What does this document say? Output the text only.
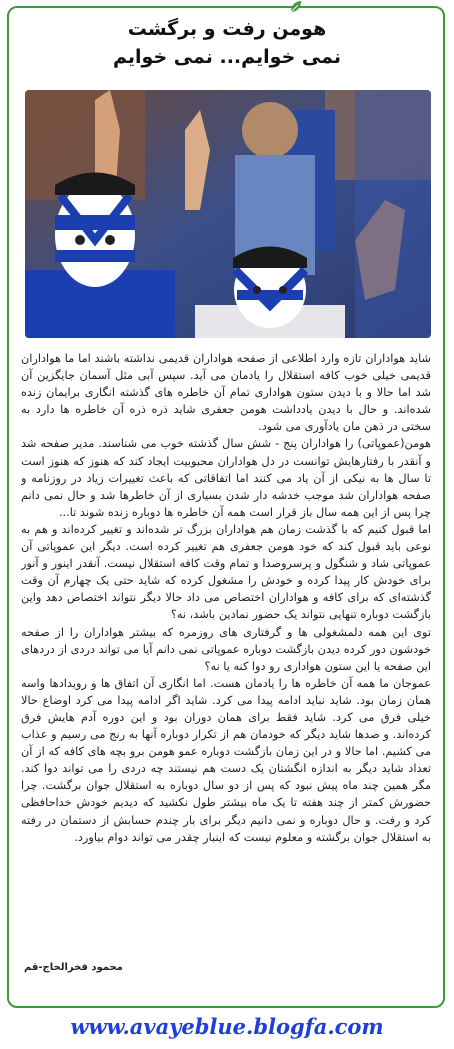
هومن رفت و برگشت
نمی خوایم... نمی خوایم

شاید هواداران تازه وارد اطلاعی از صفحه هواداران قدیمی نداشته باشند اما ما هواداران قدیمی خیلی خوب کافه استقلال را یادمان می آید. سپس آبی مثل آسمان جایگزین آن شد اما حالا و با دیدن ستون هواداری تمام آن خاطره های گذشته انگاری برایمان زنده شده‌اند. و حال با دیدن یادداشت هومن جعفری شاید ذره ذره آن خاطره ها دارد به سختی در ذهن مان یادآوری می شود.

هومن(عموپاتی) را هواداران پنج - شش سال گذشته خوب می شناسند. مدیر صفحه شد و آنقدر با رفتارهایش توانست در دل هواداران محبوبیت ایجاد کند که هنوز که هنوز است تا سال ها به نیکی از آن یاد می کنند اما اتفاقاتی که باعث تغییرات زیاد در روزنامه و صفحه هواداران شد موجب خدشه دار شدن بسیاری از آن خاطرها شد و حال نمی دانم چرا پس از این همه سال باز قرار است همه آن خاطره ها دوباره زنده شوند تا...

اما قبول کنیم که با گذشت زمان هم هواداران بزرگ تر شده‌اند و تغییر کرده‌اند و هم به نوعی باید قبول کند که خود هومن جعفری هم تغییر کرده است. دیگر این عموپاتی آن عموپاتی شاد و شنگول و پرسروصدا و تمام وقت کافه استقلال نیست. آنقدر اینور و آنور برای خودش کار پیدا کرده و خودش را مشغول کرده که شاید حتی یک چهارم آن وقت گذشته‌ای که برای کافه و هواداران اختصاص می داد حالا دیگر نتواند اختصاص دهد واین بازگشت دوباره تنهایی نتواند یک حضور نمادین باشد، نه؟

توی این همه دلمشغولی ها و گرفتاری های روزمره که بیشتر هواداران را از صفحه خودشون دور کرده دیدن بازگشت دوباره عموپاتی نمی دانم آیا می تواند دردی از دردهای این صفحه یا این ستون هواداری رو دوا کنه یا نه؟

عموجان ما همه آن خاطره ها را یادمان هست. اما انگاری آن اتفاق ها و رویدادها واسه همان زمان بود. شاید نباید ادامه پیدا می کرد. شاید اگر ادامه پیدا می کرد اوضاع حالا خیلی فرق می کرد. شاید فقط برای همان دوران بود و این دوره آدم هایش فرق کرده‌اند. و صدها شاید دیگر که خودمان هم از تکرار دوباره آنها به رنج می رسیم و عذاب می کشیم. اما حالا و در این زمان بازگشت دوباره عمو هومن برو بچه های کافه که از آن تعداد شاید دیگر به اندازه انگشتان یک دست هم نیستند چه دردی را می تواند دوا کند. مگر همین چند ماه پیش نبود که پس از دو سال دوباره به استقلال جوان برگشت. چرا حضورش کمتر از چند هفته تا یک ماه بیشتر طول نکشید که دیدیم خودش خداحافظی کرد و رفت. و حال دوباره و نمی دانیم دیگر برای بار چندم حسابش از دستمان در رفته به استقلال جوان برگشته و معلوم نیست که اینبار چقدر می تواند دوام بیاورد.

محمود فخرالحاج-قم
www.avayeblue.blogfa.com
